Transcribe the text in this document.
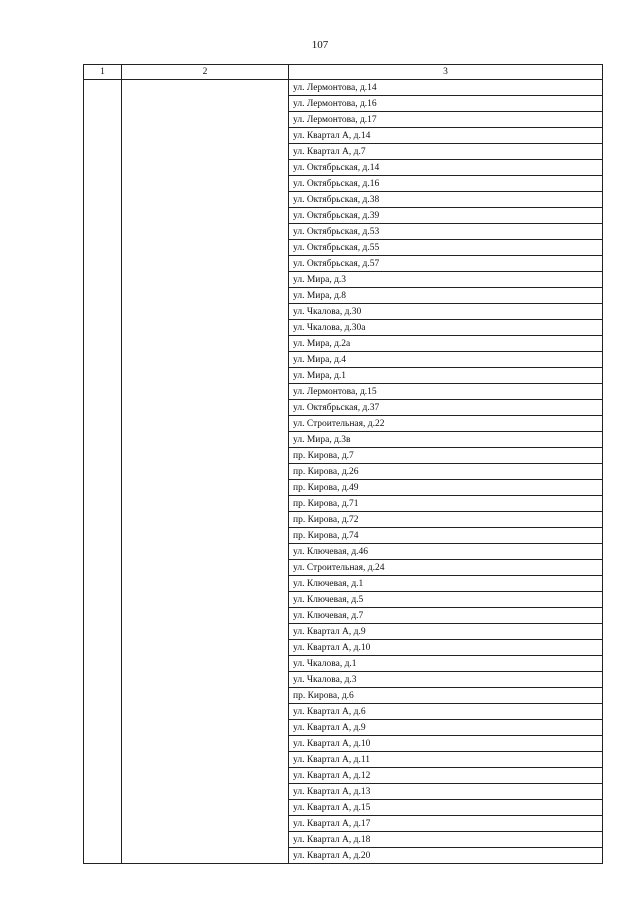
107
1	2	3
		ул. Лермонтова, д.14
		ул. Лермонтова, д.16
		ул. Лермонтова, д.17
		ул. Квартал А, д.14
		ул. Квартал А, д.7
		ул. Октябрьская, д.14
		ул. Октябрьская, д.16
		ул. Октябрьская, д.38
		ул. Октябрьская, д.39
		ул. Октябрьская, д.53
		ул. Октябрьская, д.55
		ул. Октябрьская, д.57
		ул. Мира, д.3
		ул. Мира, д.8
		ул. Чкалова, д.30
		ул. Чкалова, д.30а
		ул. Мира, д.2а
		ул. Мира, д.4
		ул. Мира, д.1
		ул. Лермонтова, д.15
		ул. Октябрьская, д.37
		ул. Строительная, д.22
		ул. Мира, д.3в
		пр. Кирова, д.7
		пр. Кирова, д.26
		пр. Кирова, д.49
		пр. Кирова, д.71
		пр. Кирова, д.72
		пр. Кирова, д.74
		ул. Ключевая, д.46
		ул. Строительная, д.24
		ул. Ключевая, д.1
		ул. Ключевая, д.5
		ул. Ключевая, д.7
		ул. Квартал А, д.9
		ул. Квартал А, д.10
		ул. Чкалова, д.1
		ул. Чкалова, д.3
		пр. Кирова, д.6
		ул. Квартал А, д.6
		ул. Квартал А, д.9
		ул. Квартал А, д.10
		ул. Квартал А, д.11
		ул. Квартал А, д.12
		ул. Квартал А, д.13
		ул. Квартал А, д.15
		ул. Квартал А, д.17
		ул. Квартал А, д.18
		ул. Квартал А, д.20
